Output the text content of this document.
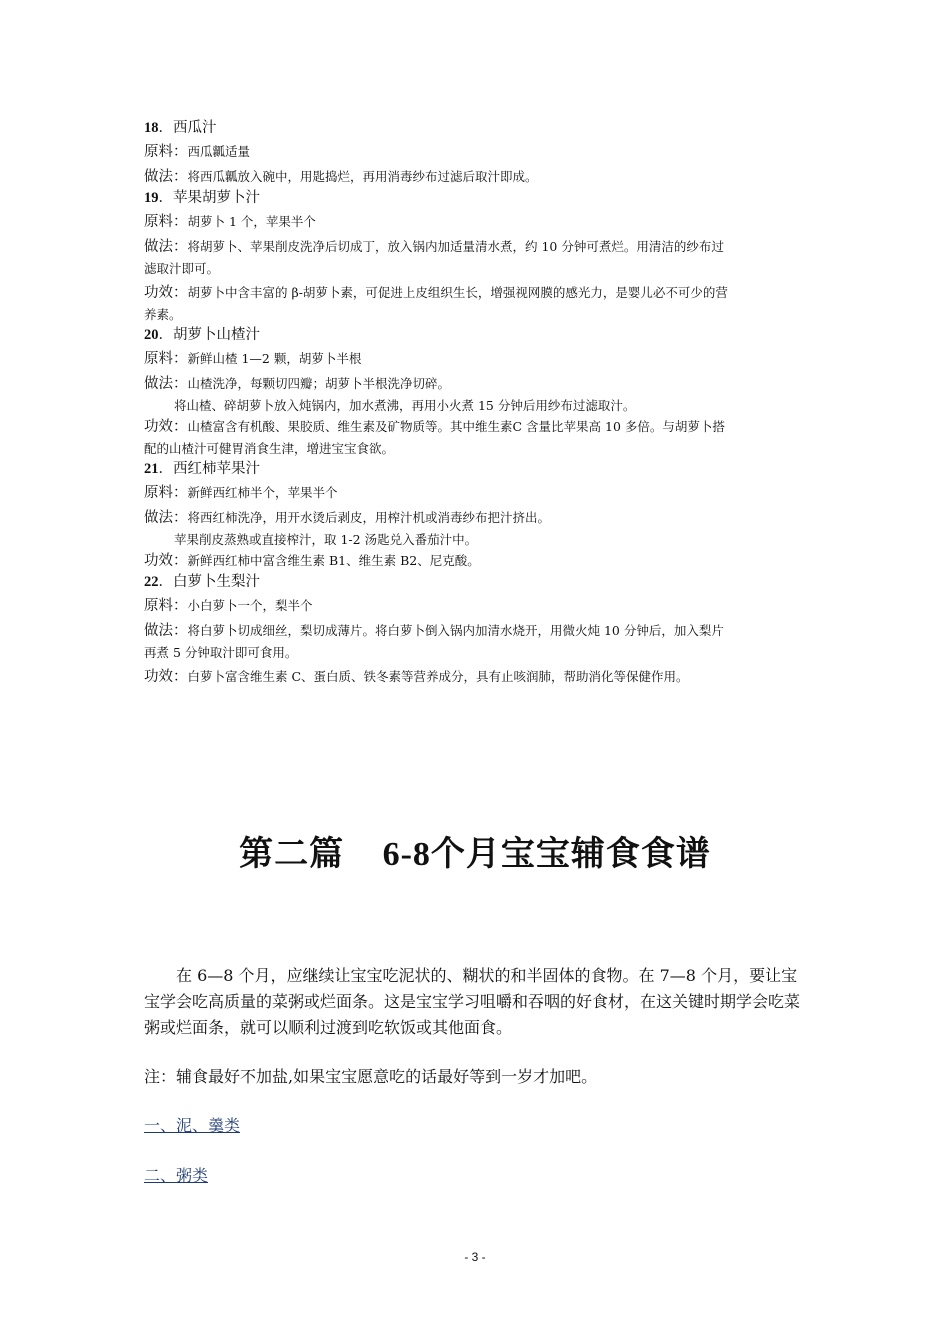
18．西瓜汁

原料：西瓜瓤适量

做法：将西瓜瓤放入碗中，用匙捣烂，再用消毒纱布过滤后取汁即成。

19．苹果胡萝卜汁

原料：胡萝卜 1 个，苹果半个

做法：将胡萝卜、苹果削皮洗净后切成丁，放入锅内加适量清水煮，约 10 分钟可煮烂。用清洁的纱布过

滤取汁即可。

功效：胡萝卜中含丰富的 β-胡萝卜素，可促进上皮组织生长，增强视网膜的感光力，是婴儿必不可少的营

养素。

20．胡萝卜山楂汁

原料：新鲜山楂 1—2 颗，胡萝卜半根

做法：山楂洗净，每颗切四瓣；胡萝卜半根洗净切碎。

将山楂、碎胡萝卜放入炖锅内，加水煮沸，再用小火煮 15 分钟后用纱布过滤取汁。

功效：山楂富含有机酸、果胶质、维生素及矿物质等。其中维生素C 含量比苹果高 10 多倍。与胡萝卜搭

配的山楂汁可健胃消食生津，增进宝宝食欲。

21．西红柿苹果汁

原料：新鲜西红柿半个，苹果半个

做法：将西红柿洗净，用开水烫后剥皮，用榨汁机或消毒纱布把汁挤出。

苹果削皮蒸熟或直接榨汁，取 1-2 汤匙兑入番茄汁中。

功效：新鲜西红柿中富含维生素 B1、维生素 B2、尼克酸。

22．白萝卜生梨汁

原料：小白萝卜一个，梨半个

做法：将白萝卜切成细丝，梨切成薄片。将白萝卜倒入锅内加清水烧开，用微火炖 10 分钟后，加入梨片

再煮 5 分钟取汁即可食用。

功效：白萝卜富含维生素 C、蛋白质、铁冬素等营养成分，具有止咳润肺，帮助消化等保健作用。

第二篇 6-8个月宝宝辅食食谱

在 6—8 个月，应继续让宝宝吃泥状的、糊状的和半固体的食物。在 7—8 个月，要让宝宝学会吃高质量的菜粥或烂面条。这是宝宝学习咀嚼和吞咽的好食材，在这关键时期学会吃菜粥或烂面条，就可以顺利过渡到吃软饭或其他面食。

注：辅食最好不加盐,如果宝宝愿意吃的话最好等到一岁才加吧。

一、泥、羹类

二、粥类

- 3 -
